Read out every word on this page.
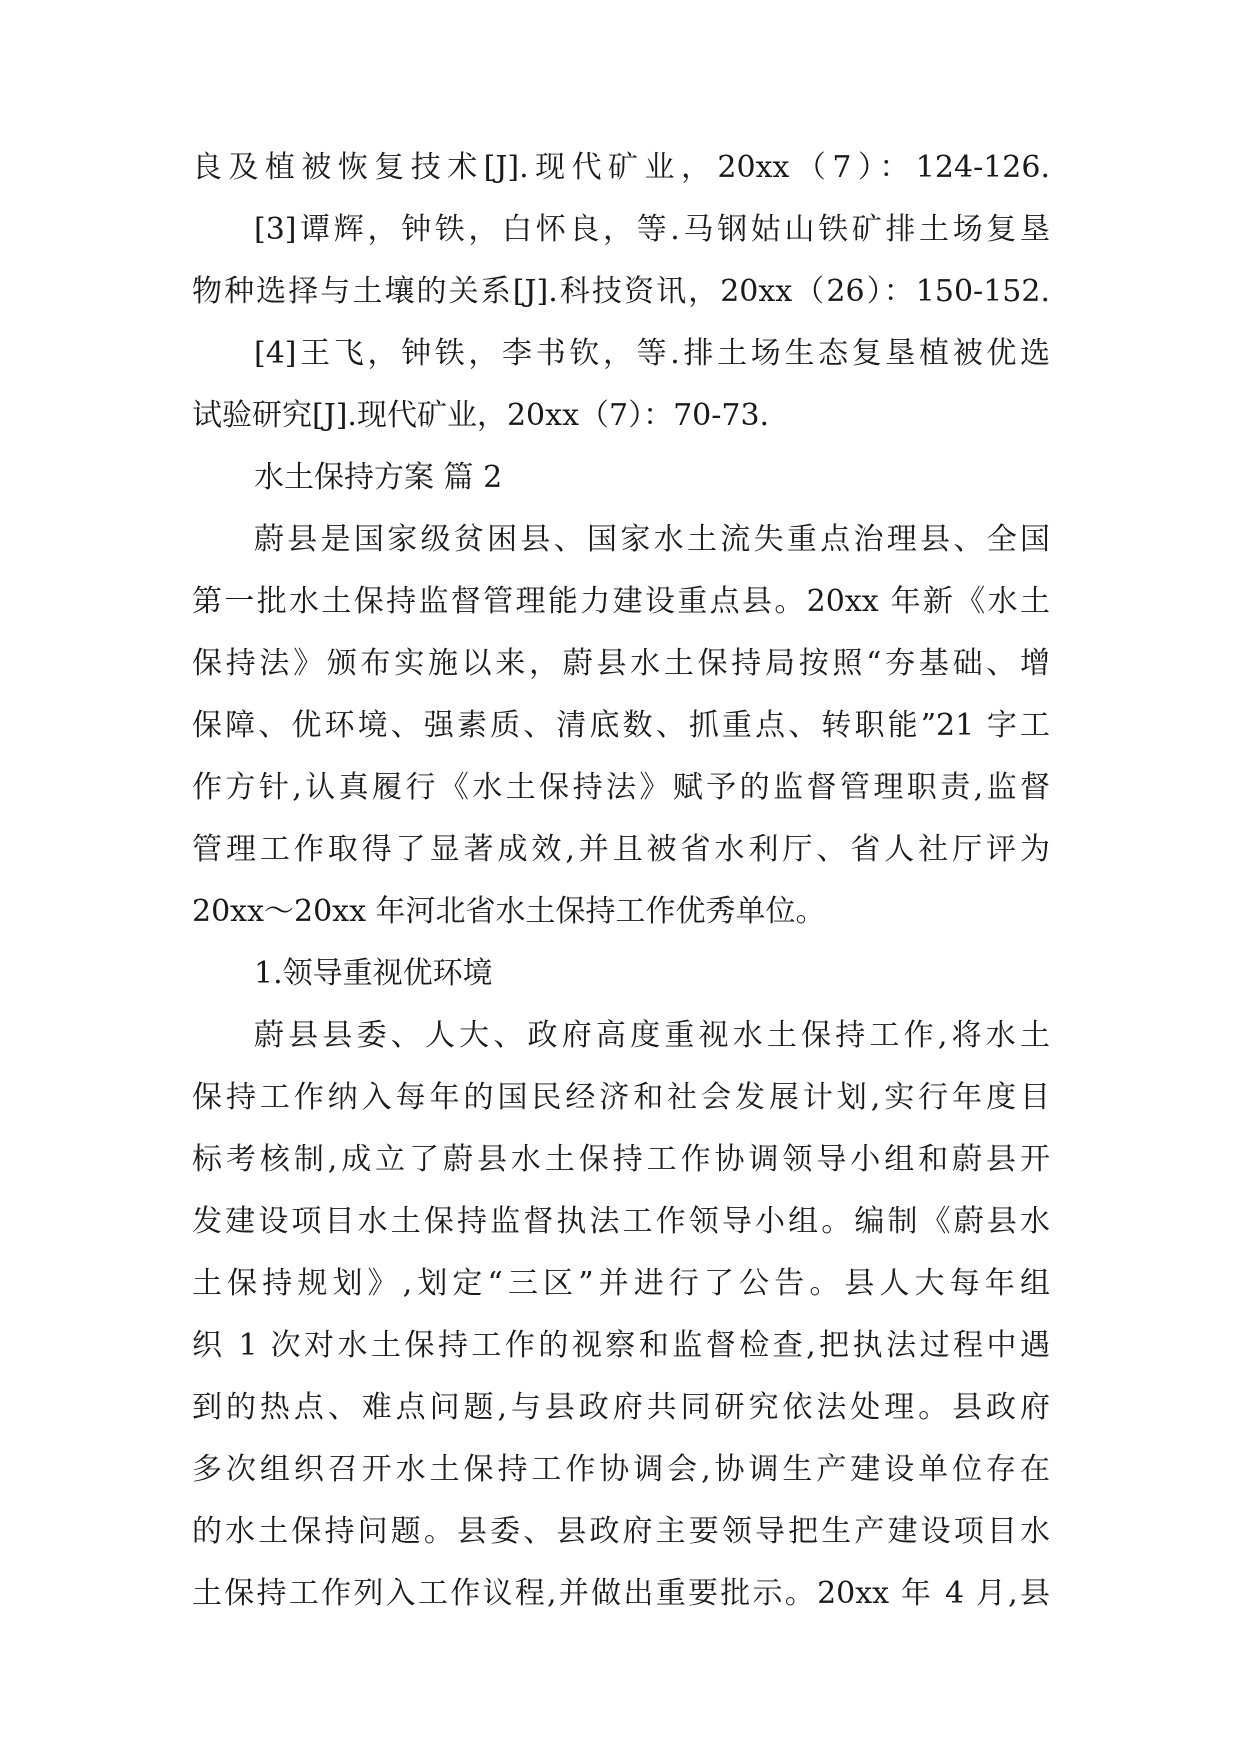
良及植被恢复技术[J].现代矿业，20xx（7）：124-126.
[3]谭辉，钟铁，白怀良，等.马钢姑山铁矿排土场复垦
物种选择与土壤的关系[J].科技资讯，20xx（26）：150-152.
[4]王飞，钟铁，李书钦，等.排土场生态复垦植被优选
试验研究[J].现代矿业，20xx（7）：70-73.
水土保持方案 篇 2
蔚县是国家级贫困县、国家水土流失重点治理县、全国
第一批水土保持监督管理能力建设重点县。20xx 年新《水土
保持法》颁布实施以来，蔚县水土保持局按照“夯基础、增
保障、优环境、强素质、清底数、抓重点、转职能”21 字工
作方针,认真履行《水土保持法》赋予的监督管理职责,监督
管理工作取得了显著成效,并且被省水利厅、省人社厅评为
20xx～20xx 年河北省水土保持工作优秀单位。
1.领导重视优环境
蔚县县委、人大、政府高度重视水土保持工作,将水土
保持工作纳入每年的国民经济和社会发展计划,实行年度目
标考核制,成立了蔚县水土保持工作协调领导小组和蔚县开
发建设项目水土保持监督执法工作领导小组。编制《蔚县水
土保持规划》,划定“三区”并进行了公告。县人大每年组
织 1 次对水土保持工作的视察和监督检查,把执法过程中遇
到的热点、难点问题,与县政府共同研究依法处理。县政府
多次组织召开水土保持工作协调会,协调生产建设单位存在
的水土保持问题。县委、县政府主要领导把生产建设项目水
土保持工作列入工作议程,并做出重要批示。20xx 年 4 月,县
